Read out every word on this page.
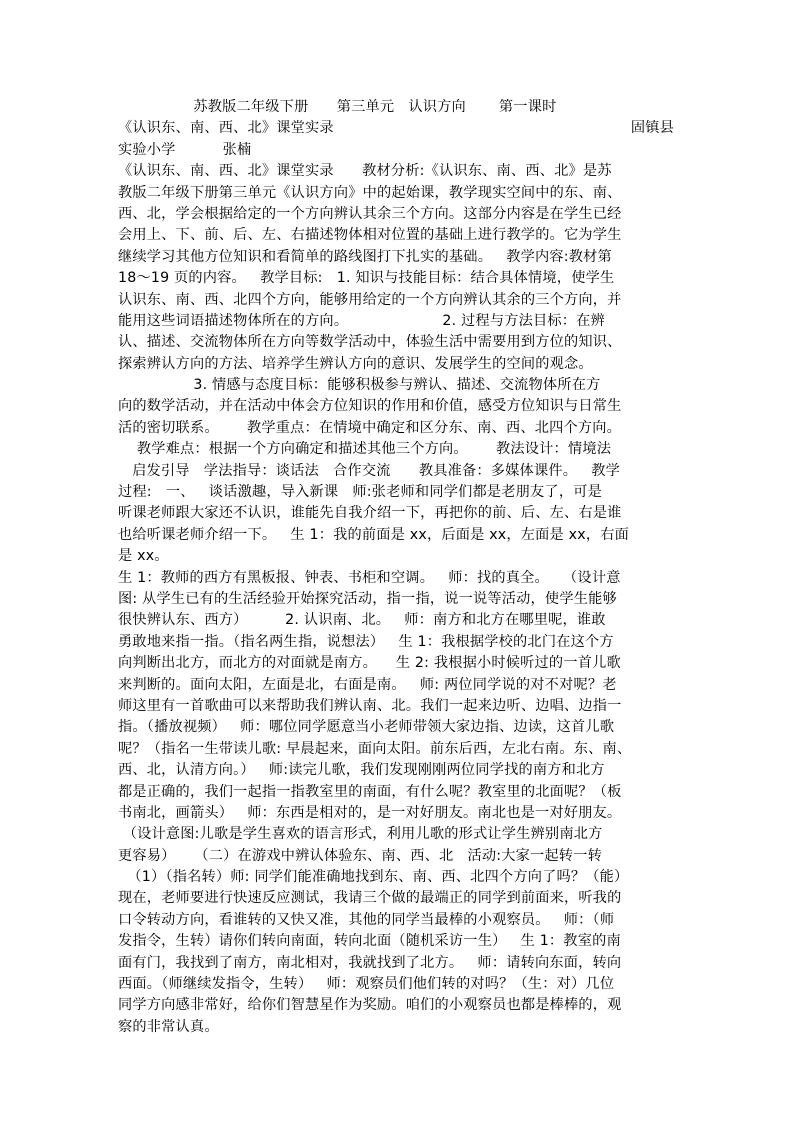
苏教版二年级下册      第三单元   认识方向       第一课时
《认识东、南、西、北》课堂实录	固镇县
实验小学          张楠
《认识东、南、西、北》课堂实录      教材分析:《认识东、南、西、北》是苏
教版二年级下册第三单元《认识方向》中的起始课，教学现实空间中的东、南、
西、北，学会根据给定的一个方向辨认其余三个方向。这部分内容是在学生已经
会用上、下、前、后、左、右描述物体相对位置的基础上进行教学的。它为学生
继续学习其他方位知识和看简单的路线图打下扎实的基础。   教学内容:教材第
18～19 页的内容。   教学目标:   1. 知识与技能目标：结合具体情境，使学生
认识东、南、西、北四个方向，能够用给定的一个方向辨认其余的三个方向，并
能用这些词语描述物体所在的方向。                    2. 过程与方法目标：在辨
认、描述、交流物体所在方向等数学活动中，体验生活中需要用到方位的知识、
探索辨认方向的方法、培养学生辨认方向的意识、发展学生的空间的观念。
3. 情感与态度目标：能够积极参与辨认、描述、交流物体所在方
向的数学活动，并在活动中体会方位知识的作用和价值，感受方位知识与日常生
活的密切联系。      教学重点：在情境中确定和区分东、南、西、北四个方向。
教学难点：根据一个方向确定和描述其他三个方向。      教法设计：情境法
启发引导   学法指导：谈话法   合作交流      教具准备：多媒体课件。   教学
过程:   一、   谈话激趣，导入新课   师:张老师和同学们都是老朋友了，可是
听课老师跟大家还不认识，谁能先自我介绍一下，再把你的前、后、左、右是谁
也给听课老师介绍一下。   生 1：我的前面是 xx，后面是 xx，左面是 xx，右面
是 xx。
生 1：教师的西方有黑板报、钟表、书柜和空调。   师：找的真全。   （设计意
图: 从学生已有的生活经验开始探究活动，指一指，说一说等活动，使学生能够
很快辨认东、西方）        2. 认识南、北。   师：南方和北方在哪里呢，谁敢
勇敢地来指一指。（指名两生指，说想法）   生 1：我根据学校的北门在这个方
向判断出北方，而北方的对面就是南方。    生 2: 我根据小时候听过的一首儿歌
来判断的。面向太阳，左面是北，右面是南。   师: 两位同学说的对不对呢？老
师这里有一首歌曲可以来帮助我们辨认南、北。我们一起来边听、边唱、边指一
指。（播放视频）   师：哪位同学愿意当小老师带领大家边指、边读，这首儿歌
呢？（指名一生带读儿歌: 早晨起来，面向太阳。前东后西，左北右南。东、南、
西、北，认清方向。）   师:读完儿歌，我们发现刚刚两位同学找的南方和北方
都是正确的，我们一起指一指教室里的南面，有什么呢？教室里的北面呢？（板
书南北，画箭头）   师：东西是相对的，是一对好朋友。南北也是一对好朋友。
（设计意图:儿歌是学生喜欢的语言形式，利用儿歌的形式让学生辨别南北方
更容易）    （二）在游戏中辨认体验东、南、西、北   活动:大家一起转一转
（1）（指名转）师: 同学们能准确地找到东、南、西、北四个方向了吗？（能）
现在，老师要进行快速反应测试，我请三个做的最端正的同学到前面来，听我的
口令转动方向，看谁转的又快又准，其他的同学当最棒的小观察员。   师：（师
发指令，生转）请你们转向南面，转向北面（随机采访一生）   生 1：教室的南
面有门，我找到了南方，南北相对，我就找到了北方。   师：请转向东面，转向
西面。（师继续发指令，生转）   师：观察员们他们转的对吗？（生：对）几位
同学方向感非常好，给你们智慧星作为奖励。咱们的小观察员也都是棒棒的，观
察的非常认真。
